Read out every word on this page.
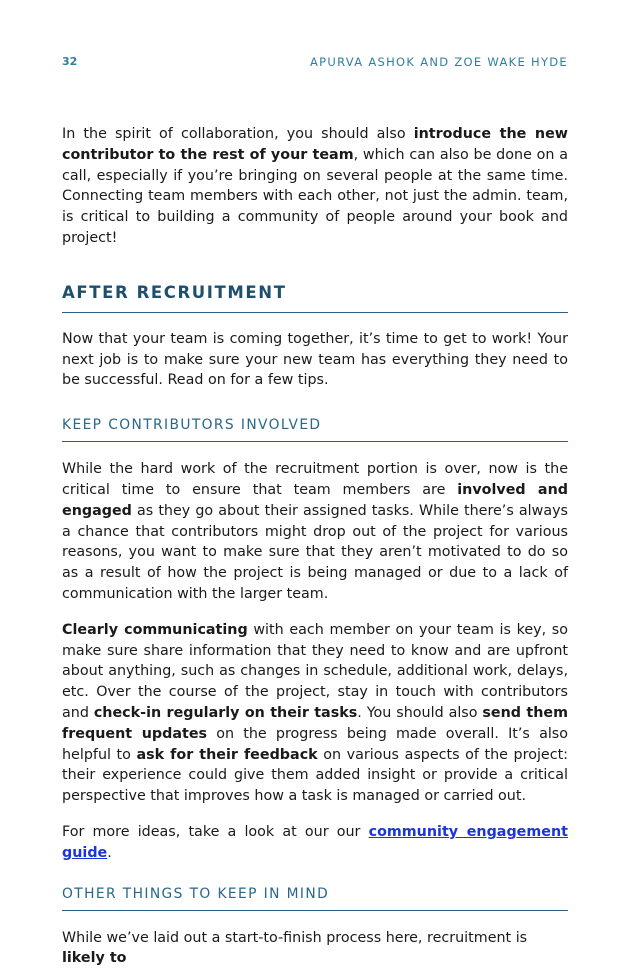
32	APURVA ASHOK AND ZOE WAKE HYDE

In the spirit of collaboration, you should also introduce the new contributor to the rest of your team, which can also be done on a call, especially if you’re bringing on several people at the same time. Connecting team members with each other, not just the admin. team, is critical to building a community of people around your book and project!

AFTER RECRUITMENT

Now that your team is coming together, it’s time to get to work! Your next job is to make sure your new team has everything they need to be successful. Read on for a few tips.

KEEP CONTRIBUTORS INVOLVED

While the hard work of the recruitment portion is over, now is the critical time to ensure that team members are involved and engaged as they go about their assigned tasks. While there’s always a chance that contributors might drop out of the project for various reasons, you want to make sure that they aren’t motivated to do so as a result of how the project is being managed or due to a lack of communication with the larger team.

Clearly communicating with each member on your team is key, so make sure share information that they need to know and are upfront about anything, such as changes in schedule, additional work, delays, etc. Over the course of the project, stay in touch with contributors and check-in regularly on their tasks. You should also send them frequent updates on the progress being made overall. It’s also helpful to ask for their feedback on various aspects of the project: their experience could give them added insight or provide a critical perspective that improves how a task is managed or carried out.

For more ideas, take a look at our our community engagement guide.

OTHER THINGS TO KEEP IN MIND

While we’ve laid out a start-to-finish process here, recruitment is likely to
